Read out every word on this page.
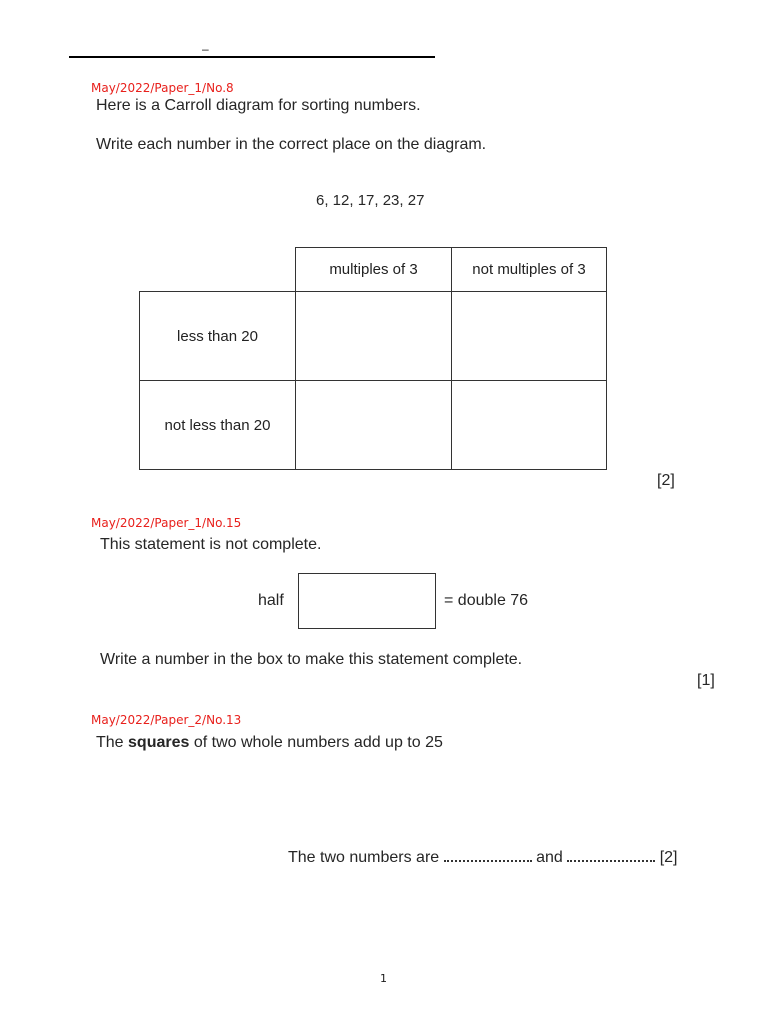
–
May/2022/Paper_1/No.8
Here is a Carroll diagram for sorting numbers.
Write each number in the correct place on the diagram.
6, 12, 17, 23, 27
	multiples of 3	not multiples of 3
less than 20		
not less than 20		
[2]
May/2022/Paper_1/No.15
This statement is not complete.
half	= double 76
Write a number in the box to make this statement complete.
[1]
May/2022/Paper_2/No.13
The squares of two whole numbers add up to 25
The two numbers are	and	[2]
1
